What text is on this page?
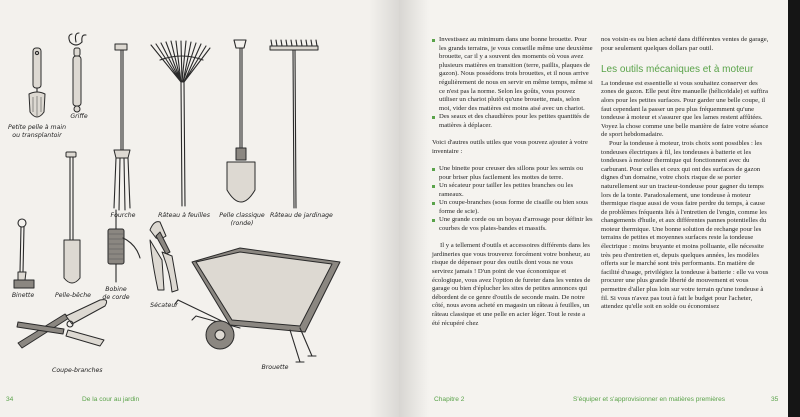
Petite pelle à main
ou transplantoir
Griffe
Fourche	Râteau à feuilles	Pelle classique
(ronde)
Râteau de jardinage
Binette	Pelle-bêche
Bobine
de corde
Sécateur
Coupe-branches	Brouette
34	De la cour au jardin
Investissez au minimum dans une bonne brouette. Pour les grands terrains, je vous conseille même une deuxième brouette, car il y a souvent des moments où vous avez plusieurs matières en transition (terre, paillis, plaques de gazon). Nous possédons trois brouettes, et il nous arrive régulièrement de nous en servir en même temps, même si ce n'est pas la norme. Selon les goûts, vous pouvez utiliser un chariot plutôt qu'une brouette, mais, selon moi, vider des matières est moins aisé avec un chariot.
Des seaux et des chaudières pour les petites quantités de matières à déplacer.

Voici d'autres outils utiles que vous pouvez ajouter à votre inventaire :

Une binette pour creuser des sillons pour les semis ou pour briser plus facilement les mottes de terre.
Un sécateur pour tailler les petites branches ou les rameaux.
Un coupe-branches (sous forme de cisaille ou bien sous forme de scie).
Une grande corde ou un boyau d'arrosage pour définir les courbes de vos plates-bandes et massifs.

Il y a tellement d'outils et accessoires différents dans les jardineries que vous trouverez forcément votre bonheur, au risque de dépenser pour des outils dont vous ne vous servirez jamais ! D'un point de vue économique et écologique, vous avez l'option de fureter dans les ventes de garage ou bien d'éplucher les sites de petites annonces qui débordent de ce genre d'outils de seconde main. De notre côté, nous avons acheté en magasin un râteau à feuilles, un râteau classique et une pelle en acier léger. Tout le reste a été récupéré chez

nos voisin·es ou bien acheté dans différentes ventes de garage, pour seulement quelques dollars par outil.

Les outils mécaniques et à moteur

La tondeuse est essentielle si vous souhaitez conserver des zones de gazon. Elle peut être manuelle (hélicoïdale) et suffira alors pour les petites surfaces. Pour garder une belle coupe, il faut cependant la passer un peu plus fréquemment qu'une tondeuse à moteur et s'assurer que les lames restent affûtées. Voyez la chose comme une belle manière de faire votre séance de sport hebdomadaire.

Pour la tondeuse à moteur, trois choix sont possibles : les tondeuses électriques à fil, les tondeuses à batterie et les tondeuses à moteur thermique qui fonctionnent avec du carburant. Pour celles et ceux qui ont des surfaces de gazon dignes d'un domaine, votre choix risque de se porter naturellement sur un tracteur-tondeuse pour gagner du temps lors de la tonte. Paradoxalement, une tondeuse à moteur thermique risque aussi de vous faire perdre du temps, à cause de problèmes fréquents liés à l'entretien de l'engin, comme les changements d'huile, et aux différentes pannes potentielles du moteur thermique. Une bonne solution de rechange pour les terrains de petites et moyennes surfaces reste la tondeuse électrique : moins bruyante et moins polluante, elle nécessite très peu d'entretien et, depuis quelques années, les modèles offerts sur le marché sont très performants. En matière de facilité d'usage, privilégiez la tondeuse à batterie : elle va vous procurer une plus grande liberté de mouvement et vous permettre d'aller plus loin sur votre terrain qu'une tondeuse à fil. Si vous n'avez pas tout à fait le budget pour l'acheter, attendez qu'elle soit en solde ou économisez

Chapitre 2	S'équiper et s'approvisionner en matières premières	35
